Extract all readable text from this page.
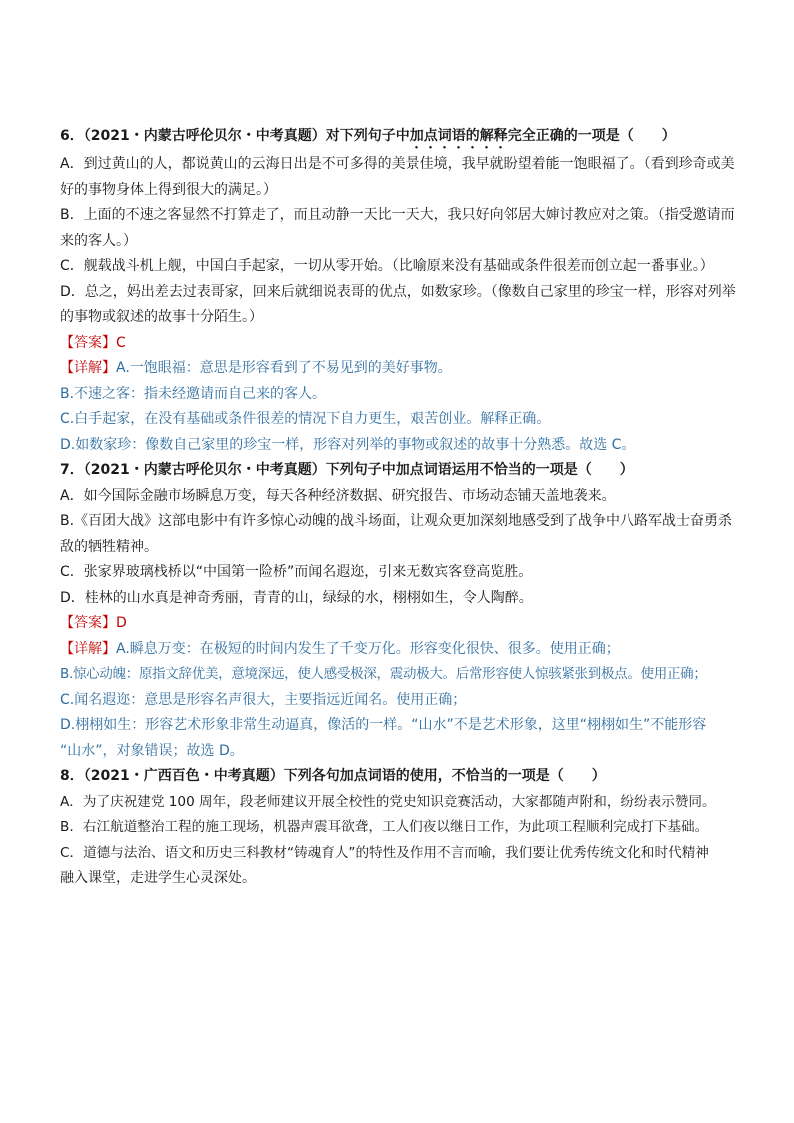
6．（2021・内蒙古呼伦贝尔・中考真题）对下列句子中加点词语的解释完全正确的一项是（　　）

A．到过黄山的人，都说黄山的云海日出是不可多得的美景佳境，我早就盼望着能一饱眼福了。（看到珍奇或美

好的事物身体上得到很大的满足。）

B．上面的不速之客显然不打算走了，而且动静一天比一天大，我只好向邻居大婶讨教应对之策。（指受邀请而

来的客人。）

C．舰载战斗机上舰，中国白手起家，一切从零开始。（比喻原来没有基础或条件很差而创立起一番事业。）

D．总之，妈出差去过表哥家，回来后就细说表哥的优点，如数家珍。（像数自己家里的珍宝一样，形容对列举

的事物或叙述的故事十分陌生。）

【答案】C

【详解】A.一饱眼福：意思是形容看到了不易见到的美好事物。

B.不速之客：指未经邀请而自己来的客人。

C.白手起家，在没有基础或条件很差的情况下自力更生，艰苦创业。解释正确。

D.如数家珍：像数自己家里的珍宝一样，形容对列举的事物或叙述的故事十分熟悉。故选 C。

7．（2021・内蒙古呼伦贝尔・中考真题）下列句子中加点词语运用不恰当的一项是（　　）

A．如今国际金融市场瞬息万变，每天各种经济数据、研究报告、市场动态铺天盖地袭来。

B.《百团大战》这部电影中有许多惊心动魄的战斗场面，让观众更加深刻地感受到了战争中八路军战士奋勇杀

敌的牺牲精神。

C．张家界玻璃栈桥以“中国第一险桥”而闻名遐迩，引来无数宾客登高览胜。

D．桂林的山水真是神奇秀丽，青青的山，绿绿的水，栩栩如生，令人陶醉。

【答案】D

【详解】A.瞬息万变：在极短的时间内发生了千变万化。形容变化很快、很多。使用正确；

B.惊心动魄：原指文辞优美，意境深远，使人感受极深，震动极大。后常形容使人惊骇紧张到极点。使用正确；

C.闻名遐迩：意思是形容名声很大，主要指远近闻名。使用正确；

D.栩栩如生：形容艺术形象非常生动逼真，像活的一样。“山水”不是艺术形象，这里“栩栩如生”不能形容

“山水”，对象错误；故选 D。

8．（2021・广西百色・中考真题）下列各句加点词语的使用，不恰当的一项是（　　）

A．为了庆祝建党 100 周年，段老师建议开展全校性的党史知识竞赛活动，大家都随声附和，纷纷表示赞同。

B．右江航道整治工程的施工现场，机器声震耳欲聋，工人们夜以继日工作，为此项工程顺利完成打下基础。

C．道德与法治、语文和历史三科教材“铸魂育人”的特性及作用不言而喻，我们要让优秀传统文化和时代精神

融入课堂，走进学生心灵深处。
